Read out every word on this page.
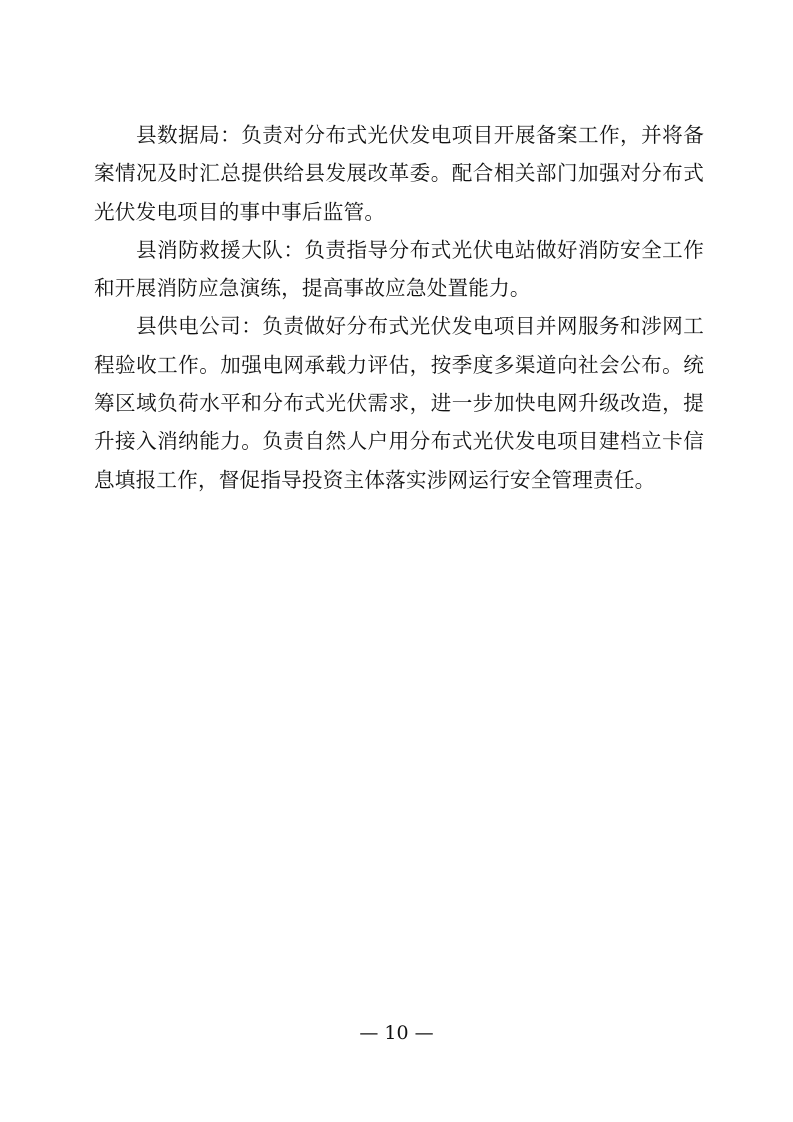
县数据局：负责对分布式光伏发电项目开展备案工作，并将备案情况及时汇总提供给县发展改革委。配合相关部门加强对分布式光伏发电项目的事中事后监管。

县消防救援大队：负责指导分布式光伏电站做好消防安全工作和开展消防应急演练，提高事故应急处置能力。

县供电公司：负责做好分布式光伏发电项目并网服务和涉网工程验收工作。加强电网承载力评估，按季度多渠道向社会公布。统筹区域负荷水平和分布式光伏需求，进一步加快电网升级改造，提升接入消纳能力。负责自然人户用分布式光伏发电项目建档立卡信息填报工作，督促指导投资主体落实涉网运行安全管理责任。

— 10 —
